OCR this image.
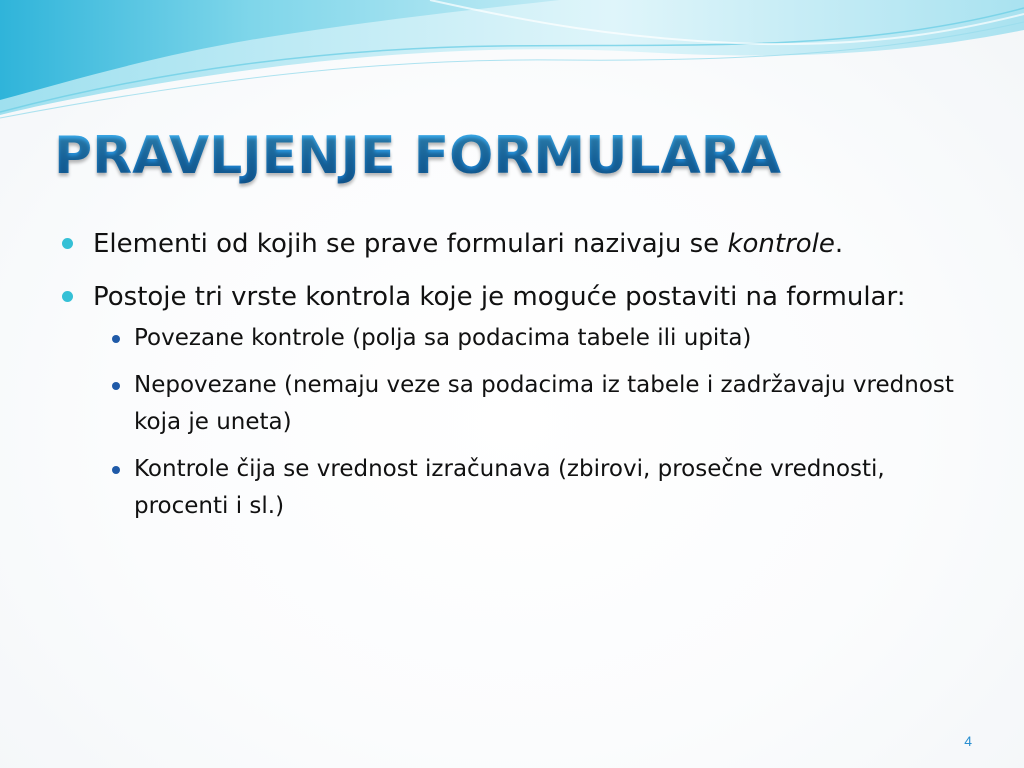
PRAVLJENJE FORMULARA
Elementi od kojih se prave formulari nazivaju se kontrole.
Postoje tri vrste kontrola koje je moguće postaviti na formular:
Povezane kontrole (polja sa podacima tabele ili upita)
Nepovezane (nemaju veze sa podacima iz tabele i zadržavaju vrednost koja je uneta)
Kontrole čija se vrednost izračunava (zbirovi, prosečne vrednosti, procenti i sl.)
4
